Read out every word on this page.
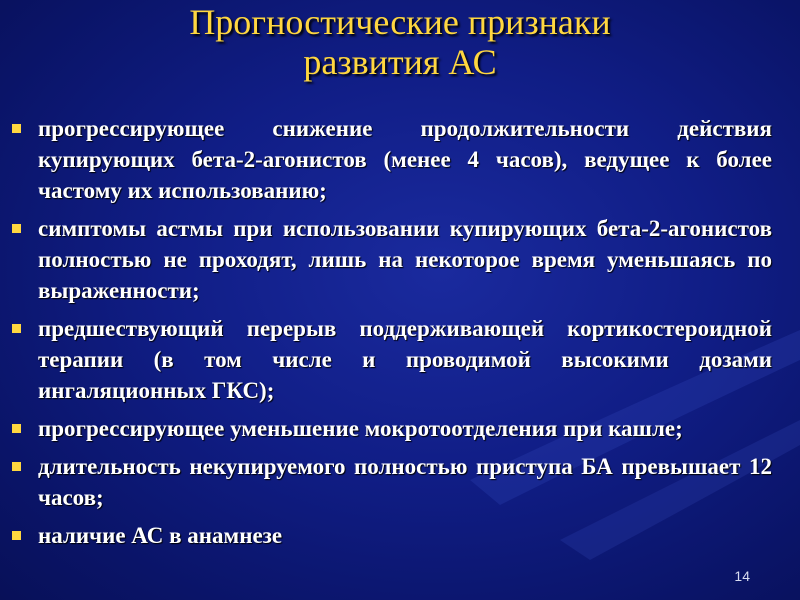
Прогностические признаки
развития АС
прогрессирующее снижение продолжительности действия купирующих бета-2-агонистов (менее 4 часов), ведущее к более частому их использованию;
симптомы астмы при использовании купирующих бета-2-агонистов полностью не проходят, лишь на некоторое время уменьшаясь по выраженности;
предшествующий перерыв поддерживающей кортикостероидной терапии (в том числе и проводимой высокими дозами ингаляционных ГКС);
прогрессирующее уменьшение мокротоотделения при кашле;
длительность некупируемого полностью приступа БА превышает 12 часов;
наличие АС в анамнезе
14
